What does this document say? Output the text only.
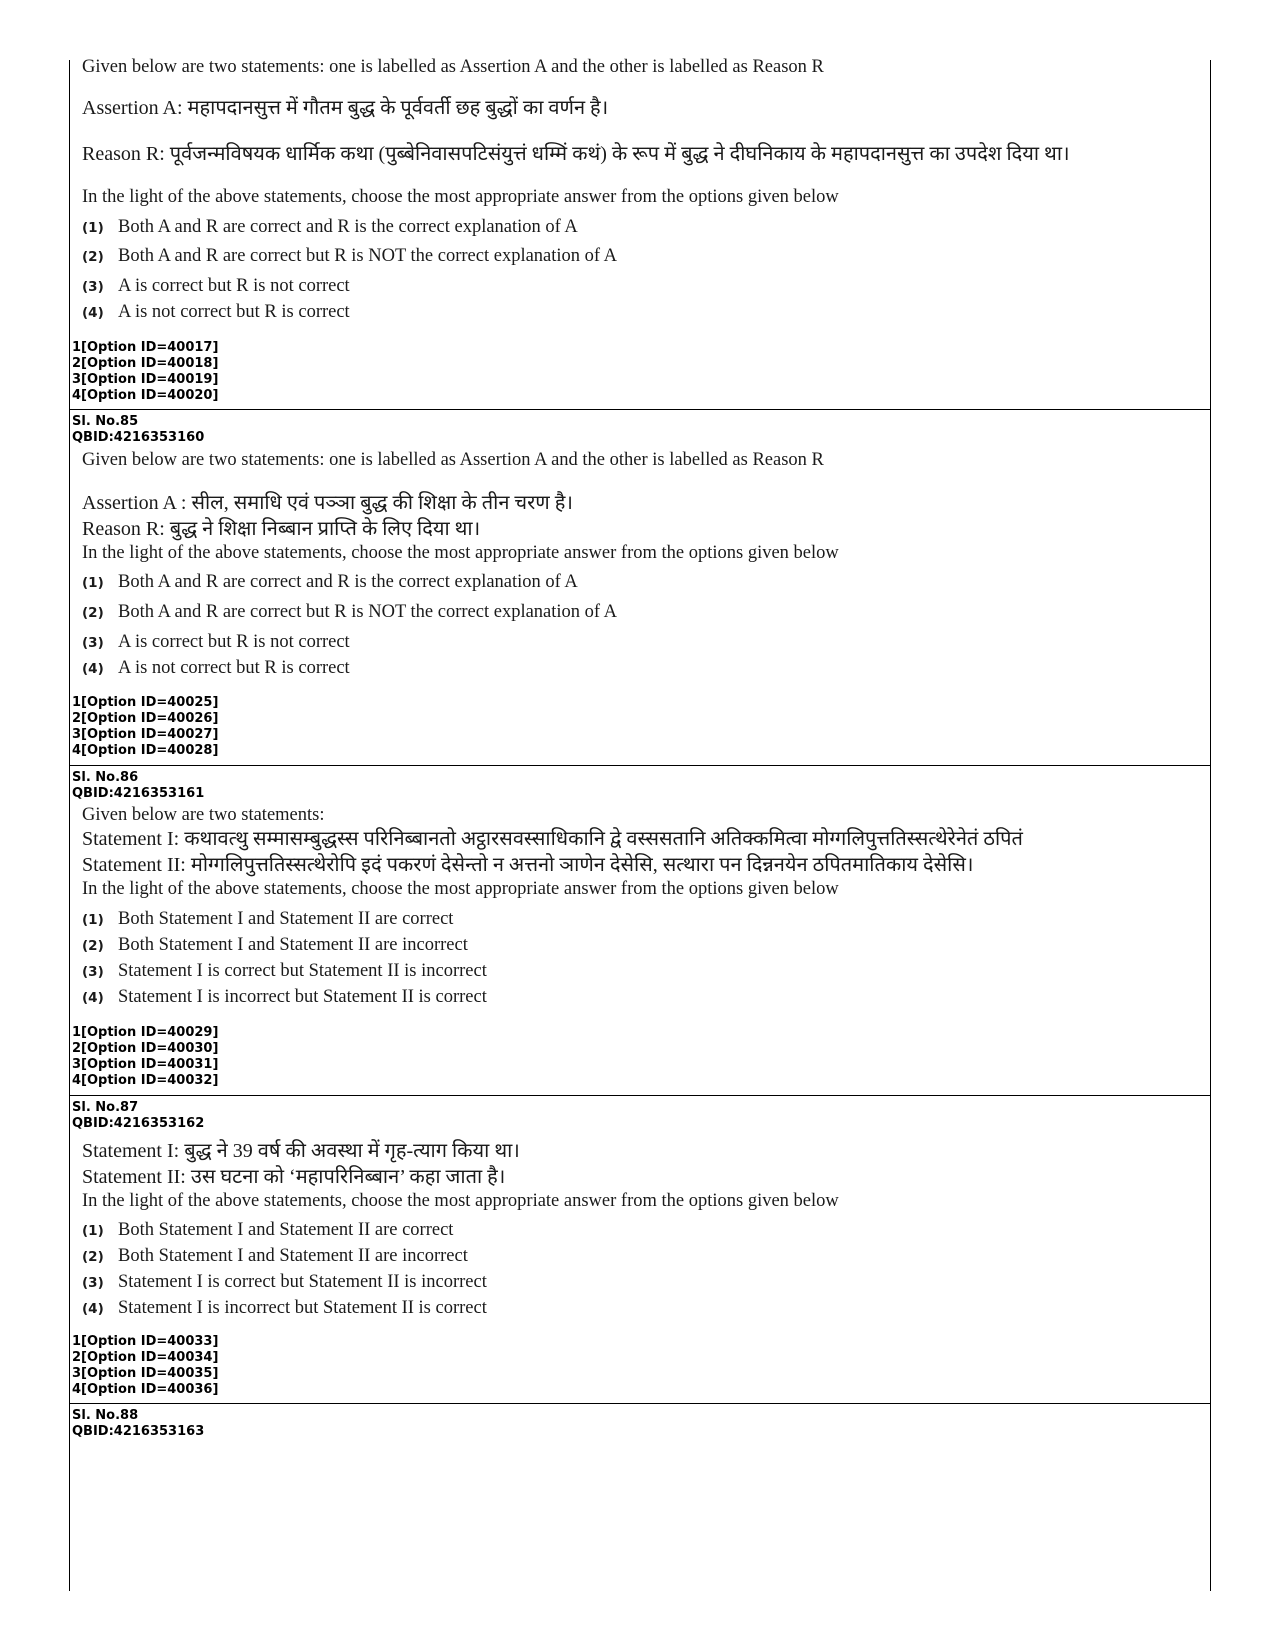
Given below are two statements: one is labelled as Assertion A and the other is labelled as Reason R
Assertion A: महापदानसुत्त में गौतम बुद्ध के पूर्ववर्ती छह बुद्धों का वर्णन है।
Reason R: पूर्वजन्मविषयक धार्मिक कथा (पुब्बेनिवासपटिसंयुत्तं धम्मिं कथं) के रूप में बुद्ध ने दीघनिकाय के महापदानसुत्त का उपदेश दिया था।
In the light of the above statements, choose the most appropriate answer from the options given below
(1) Both A and R are correct and R is the correct explanation of A
(2) Both A and R are correct but R is NOT the correct explanation of A
(3) A is correct but R is not correct
(4) A is not correct but R is correct
1[Option ID=40017]
2[Option ID=40018]
3[Option ID=40019]
4[Option ID=40020]
Sl. No.85
QBID:4216353160
Given below are two statements: one is labelled as Assertion A and the other is labelled as Reason R
Assertion A : सील, समाधि एवं पञ्ञा बुद्ध की शिक्षा के तीन चरण है।
Reason R: बुद्ध ने शिक्षा निब्बान प्राप्ति के लिए दिया था।
In the light of the above statements, choose the most appropriate answer from the options given below
(1) Both A and R are correct and R is the correct explanation of A
(2) Both A and R are correct but R is NOT the correct explanation of A
(3) A is correct but R is not correct
(4) A is not correct but R is correct
1[Option ID=40025]
2[Option ID=40026]
3[Option ID=40027]
4[Option ID=40028]
Sl. No.86
QBID:4216353161
Given below are two statements:
Statement I: कथावत्थु सम्मासम्बुद्धस्स परिनिब्बानतो अट्ठारसवस्साधिकानि द्वे वस्ससतानि अतिक्कमित्वा मोग्गलिपुत्ततिस्सत्थेरेनेतं ठपितं
Statement II: मोग्गलिपुत्ततिस्सत्थेरोपि इदं पकरणं देसेन्तो न अत्तनो ञाणेन देसेसि, सत्थारा पन दिन्ननयेन ठपितमातिकाय देसेसि।
In the light of the above statements, choose the most appropriate answer from the options given below
(1) Both Statement I and Statement II are correct
(2) Both Statement I and Statement II are incorrect
(3) Statement I is correct but Statement II is incorrect
(4) Statement I is incorrect but Statement II is correct
1[Option ID=40029]
2[Option ID=40030]
3[Option ID=40031]
4[Option ID=40032]
Sl. No.87
QBID:4216353162
Statement I: बुद्ध ने 39 वर्ष की अवस्था में गृह-त्याग किया था।
Statement II: उस घटना को ‘महापरिनिब्बान’ कहा जाता है।
In the light of the above statements, choose the most appropriate answer from the options given below
(1) Both Statement I and Statement II are correct
(2) Both Statement I and Statement II are incorrect
(3) Statement I is correct but Statement II is incorrect
(4) Statement I is incorrect but Statement II is correct
1[Option ID=40033]
2[Option ID=40034]
3[Option ID=40035]
4[Option ID=40036]
Sl. No.88
QBID:4216353163
